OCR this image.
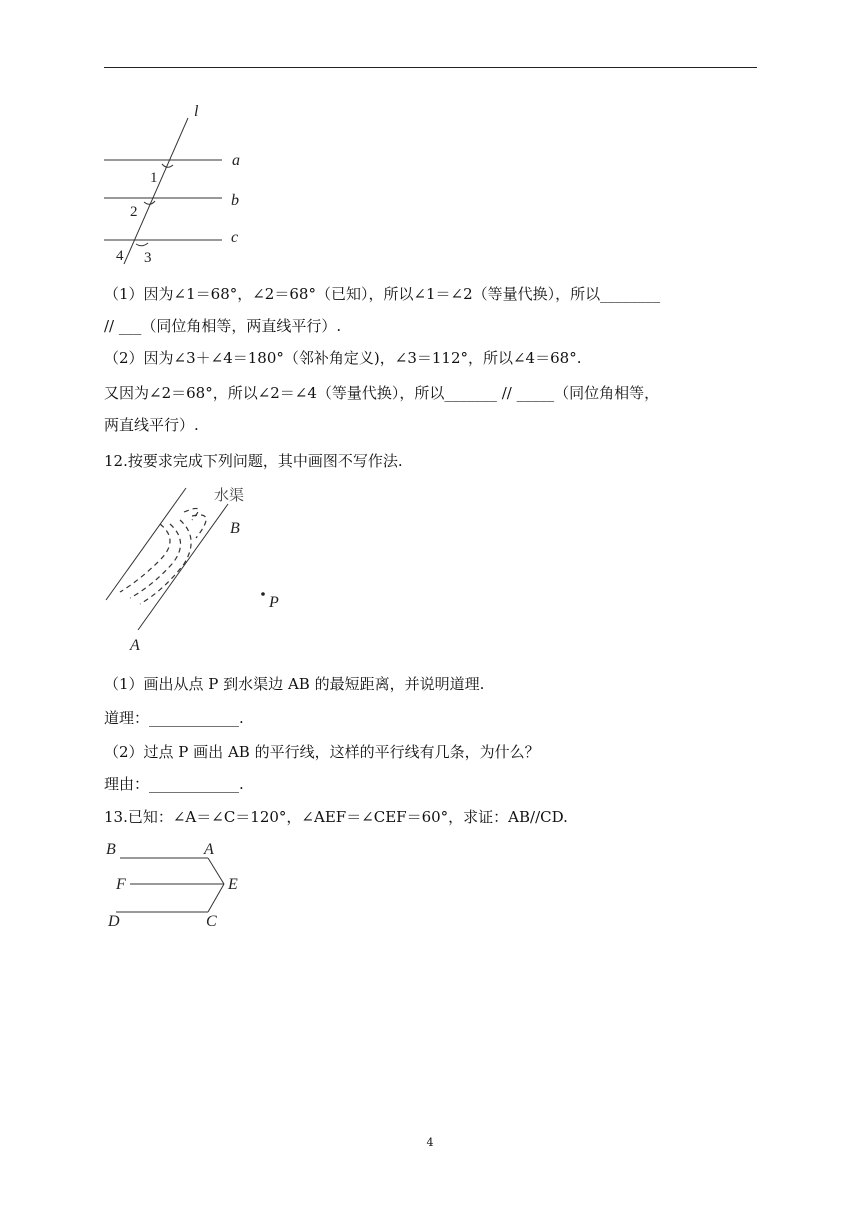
l
a
b
c
1
2
4 3
（1）因为∠1＝68°，∠2＝68°（已知），所以∠1＝∠2（等量代换），所以________
// ___（同位角相等，两直线平行）.
（2）因为∠3＋∠4＝180°（邻补角定义)，∠3＝112°，所以∠4＝68°.
又因为∠2＝68°，所以∠2＝∠4（等量代换），所以_______ // _____（同位角相等，
两直线平行）.
12.按要求完成下列问题，其中画图不写作法.
水渠
B
A
P
（1）画出从点 P 到水渠边 AB 的最短距离，并说明道理.
道理：____________.
（2）过点 P 画出 AB 的平行线，这样的平行线有几条，为什么？
理由：____________.
13.已知：∠A＝∠C＝120°，∠AEF＝∠CEF＝60°，求证：AB//CD.
B	A
F	E
D	C
4
